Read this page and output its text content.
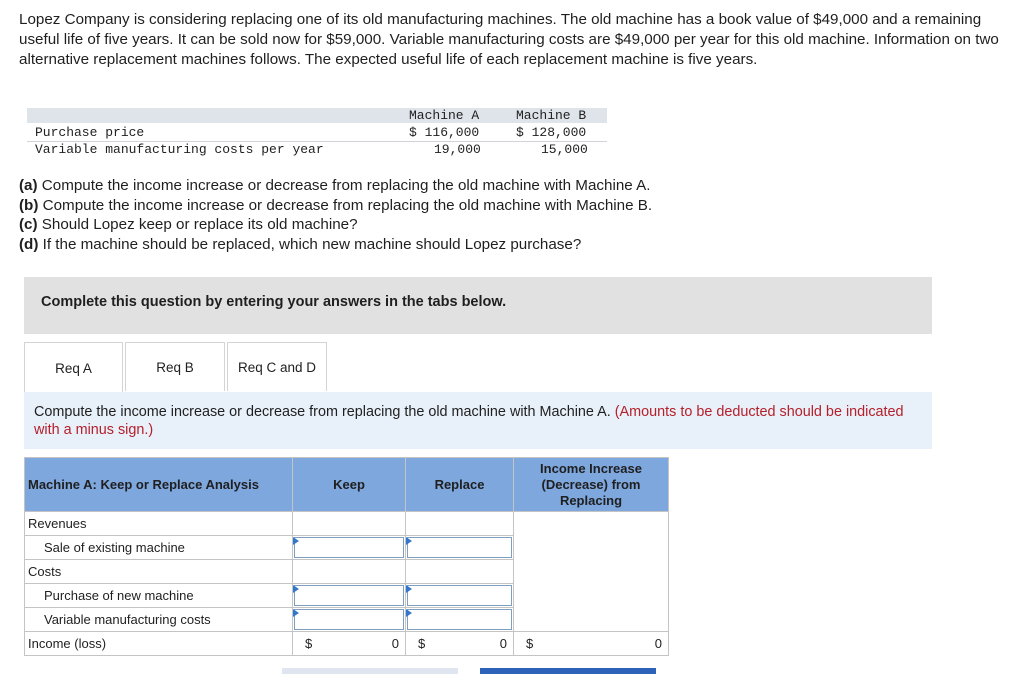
Lopez Company is considering replacing one of its old manufacturing machines. The old machine has a book value of $49,000 and a remaining useful life of five years. It can be sold now for $59,000. Variable manufacturing costs are $49,000 per year for this old machine. Information on two alternative replacement machines follows. The expected useful life of each replacement machine is five years.

Machine A	Machine B
Purchase price	$ 116,000	$ 128,000
Variable manufacturing costs per year	19,000	15,000
(a) Compute the income increase or decrease from replacing the old machine with Machine A.
(b) Compute the income increase or decrease from replacing the old machine with Machine B.
(c) Should Lopez keep or replace its old machine?
(d) If the machine should be replaced, which new machine should Lopez purchase?
Complete this question by entering your answers in the tabs below.
Req A	Req B	Req C and D
Compute the income increase or decrease from replacing the old machine with Machine A. (Amounts to be deducted should be indicated with a minus sign.)
Machine A: Keep or Replace Analysis	Keep	Replace	Income Increase (Decrease) from Replacing
Revenues			
Sale of existing machine	

Costs			
Purchase of new machine	

Variable manufacturing costs	

Income (loss)	$ 0	$ 0	$ 0
